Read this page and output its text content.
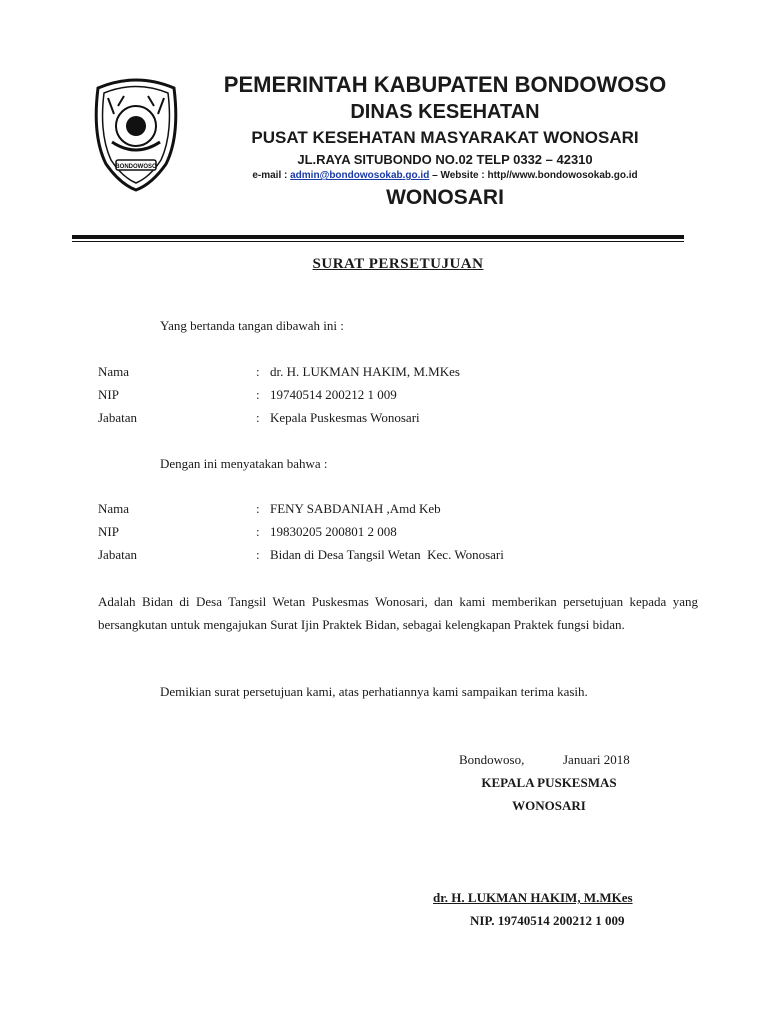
BONDOWOSO
PEMERINTAH KABUPATEN BONDOWOSO
DINAS KESEHATAN
PUSAT KESEHATAN MASYARAKAT WONOSARI
JL.RAYA SITUBONDO NO.02 TELP 0332 – 42310
e-mail : admin@bondowosokab.go.id – Website : http//www.bondowosokab.go.id
WONOSARI
SURAT PERSETUJUAN
Yang bertanda tangan dibawah ini :
Nama	: dr. H. LUKMAN HAKIM, M.MKes
NIP	: 19740514 200212 1 009
Jabatan	: Kepala Puskesmas Wonosari
Dengan ini menyatakan bahwa :
Nama	: FENY SABDANIAH ,Amd Keb
NIP	: 19830205 200801 2 008
Jabatan	: Bidan di Desa Tangsil Wetan  Kec. Wonosari
Adalah Bidan di Desa Tangsil Wetan Puskesmas Wonosari, dan kami memberikan persetujuan kepada yang bersangkutan untuk mengajukan Surat Ijin Praktek Bidan, sebagai kelengkapan Praktek fungsi bidan.
Demikian surat persetujuan kami, atas perhatiannya kami sampaikan terima kasih.
Bondowoso,	Januari 2018
KEPALA PUSKESMAS
WONOSARI
dr. H. LUKMAN HAKIM, M.MKes
NIP. 19740514 200212 1 009
